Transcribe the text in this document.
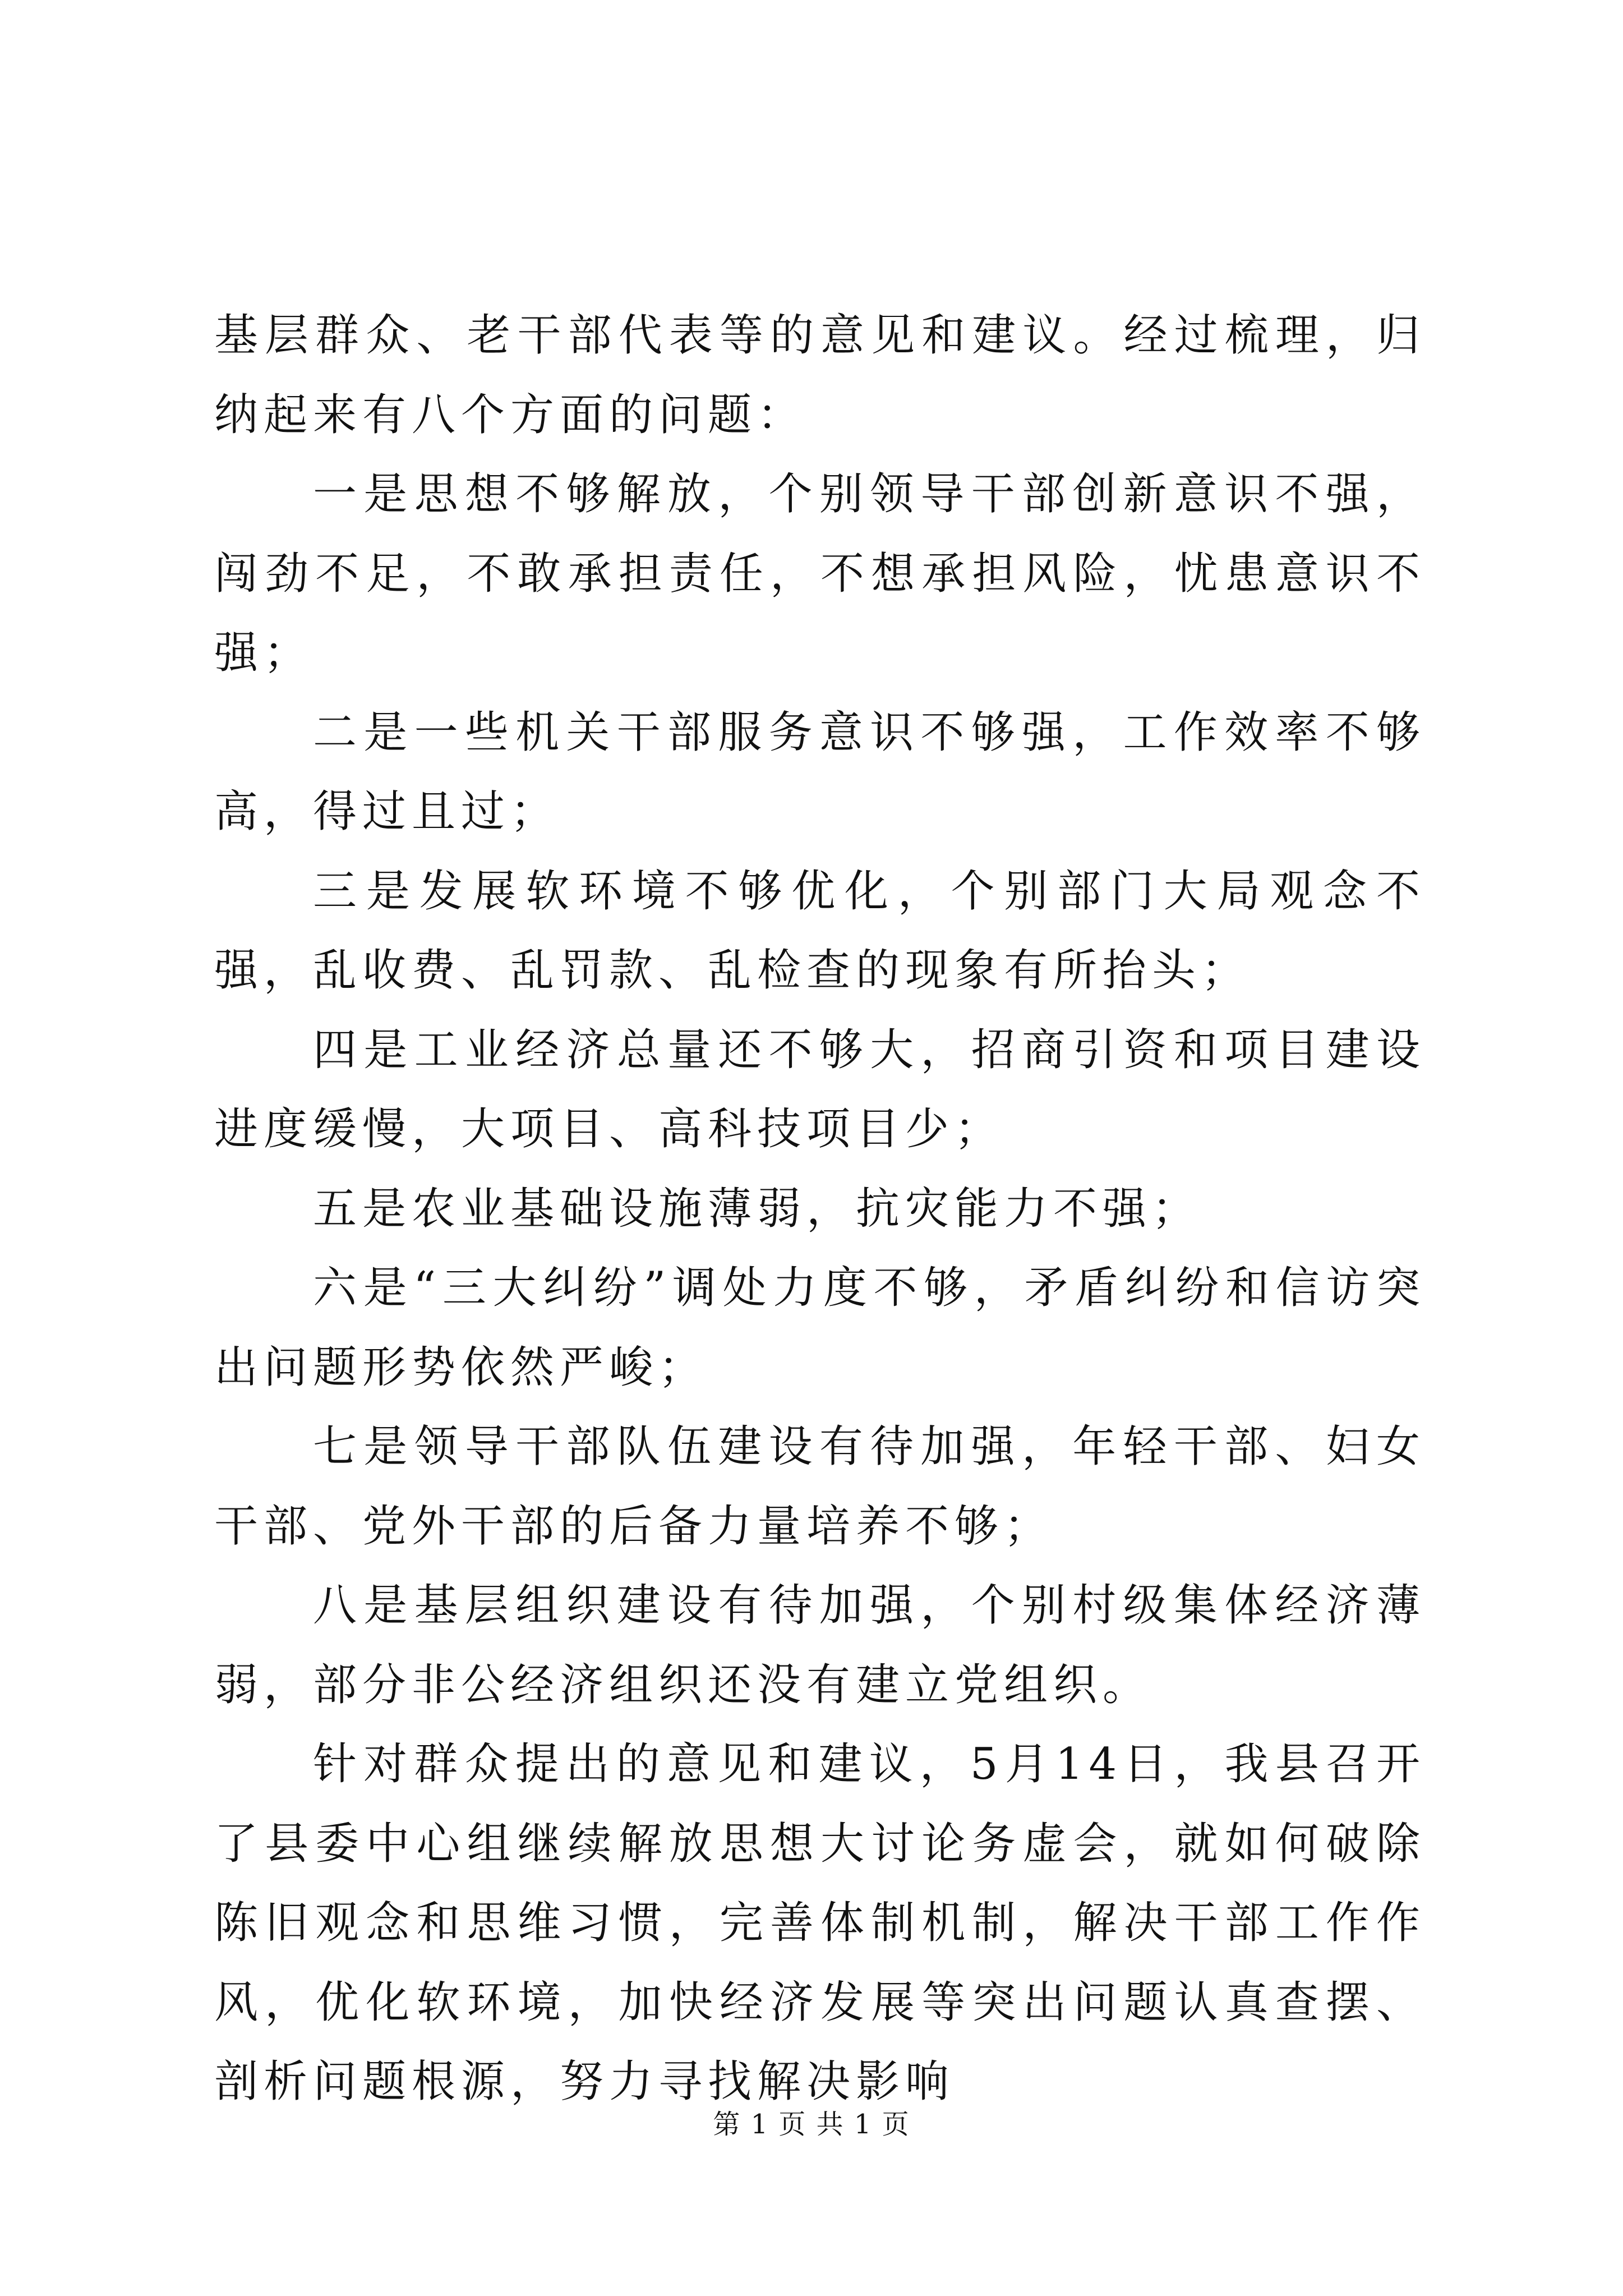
基层群众、老干部代表等的意见和建议。经过梳理，归纳起来有八个方面的问题：

一是思想不够解放，个别领导干部创新意识不强，闯劲不足，不敢承担责任，不想承担风险，忧患意识不强；

二是一些机关干部服务意识不够强，工作效率不够高，得过且过；

三是发展软环境不够优化，个别部门大局观念不强，乱收费、乱罚款、乱检查的现象有所抬头；

四是工业经济总量还不够大，招商引资和项目建设进度缓慢，大项目、高科技项目少；

五是农业基础设施薄弱，抗灾能力不强；

六是“三大纠纷”调处力度不够，矛盾纠纷和信访突出问题形势依然严峻；

七是领导干部队伍建设有待加强，年轻干部、妇女干部、党外干部的后备力量培养不够；

八是基层组织建设有待加强，个别村级集体经济薄弱，部分非公经济组织还没有建立党组织。

针对群众提出的意见和建议，5月14日，我县召开了县委中心组继续解放思想大讨论务虚会，就如何破除陈旧观念和思维习惯，完善体制机制，解决干部工作作风，优化软环境，加快经济发展等突出问题认真查摆、剖析问题根源，努力寻找解决影响

第 1 页 共 1 页
